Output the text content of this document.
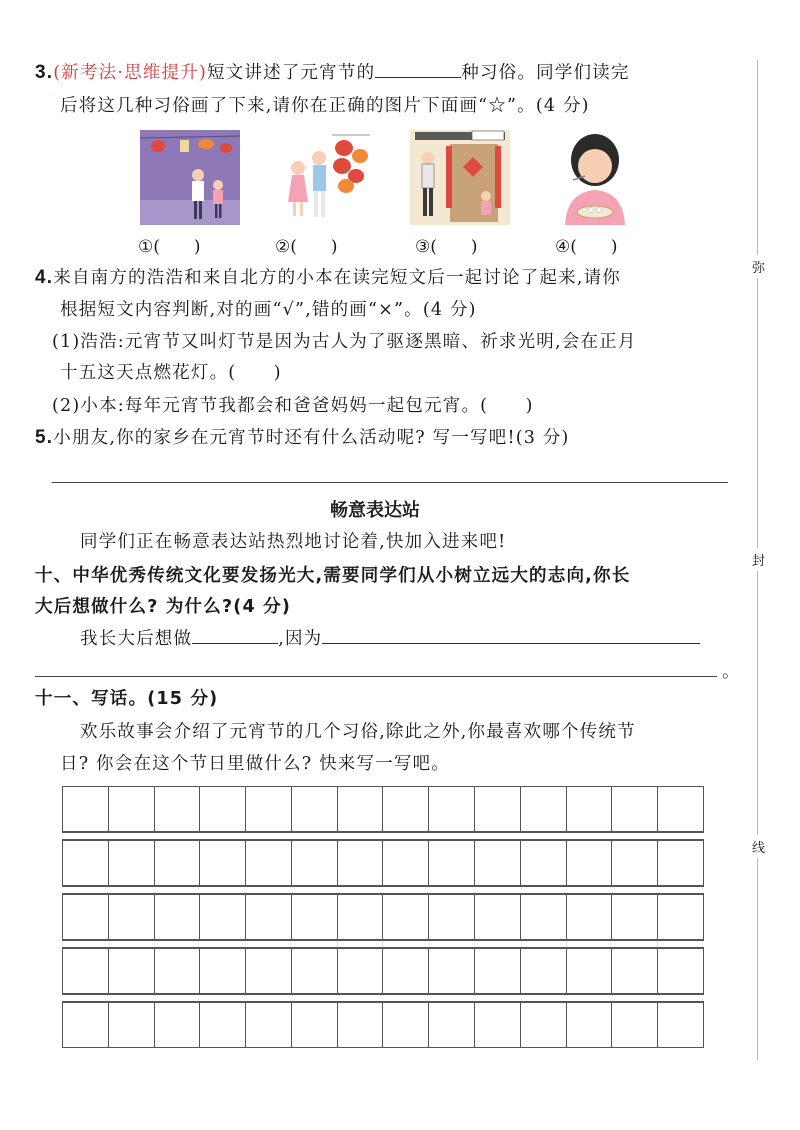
弥
封
线
3.(新考法·思维提升)短文讲述了元宵节的	种习俗。同学们读完
后将这几种习俗画了下来,请你在正确的图片下面画“☆”。(4 分)
①(　　)	②(　　)	③(　　)	④(　　)
4.来自南方的浩浩和来自北方的小本在读完短文后一起讨论了起来,请你
根据短文内容判断,对的画“√”,错的画“×”。(4 分)
(1)浩浩:元宵节又叫灯节是因为古人为了驱逐黑暗、祈求光明,会在正月
十五这天点燃花灯。(　　)
(2)小本:每年元宵节我都会和爸爸妈妈一起包元宵。(　　)
5.小朋友,你的家乡在元宵节时还有什么活动呢? 写一写吧!(3 分)
畅意表达站
同学们正在畅意表达站热烈地讨论着,快加入进来吧!
十、中华优秀传统文化要发扬光大,需要同学们从小树立远大的志向,你长
大后想做什么? 为什么?(4 分)
我长大后想做	,因为
。
十一、写话。(15 分)
欢乐故事会介绍了元宵节的几个习俗,除此之外,你最喜欢哪个传统节
日? 你会在这个节日里做什么? 快来写一写吧。
